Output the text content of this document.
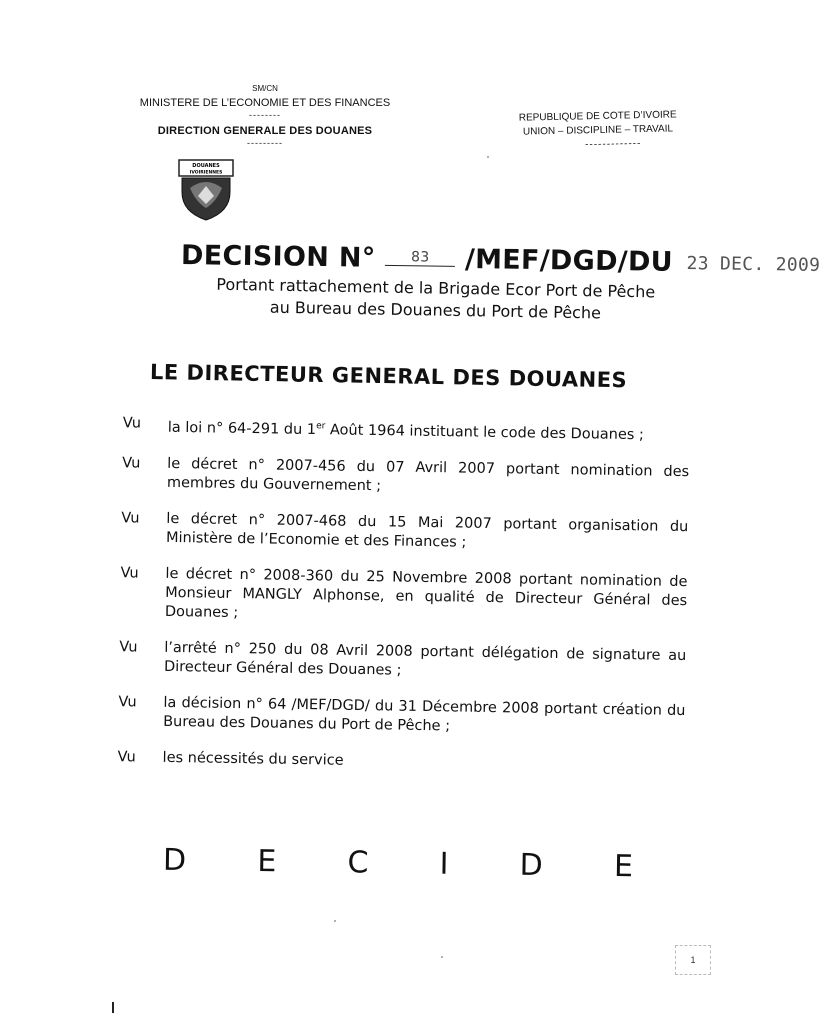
SM/CN
MINISTERE DE L’ECONOMIE ET DES FINANCES
--------
DIRECTION GENERALE DES DOUANES
---------
DOUANES
IVOIRIENNES
REPUBLIQUE DE COTE D’IVOIRE
UNION – DISCIPLINE – TRAVAIL
-------------
DECISION N°	83 /MEF/DGD/DU 23 DEC. 2009
Portant rattachement de la Brigade Ecor Port de Pêche
au Bureau des Douanes du Port de Pêche
LE DIRECTEUR GENERAL DES DOUANES
Vu la loi n° 64-291 du 1er Août 1964 instituant le code des Douanes ;
Vu le décret n° 2007-456 du 07 Avril 2007 portant nomination des membres du Gouvernement ;
Vu le décret n° 2007-468 du 15 Mai 2007 portant organisation du Ministère de l’Economie et des Finances ;
Vu le décret n° 2008-360 du 25 Novembre 2008 portant nomination de Monsieur MANGLY Alphonse, en qualité de Directeur Général des Douanes ;
Vu l’arrêté n° 250 du 08 Avril 2008 portant délégation de signature au Directeur Général des Douanes ;
Vu la décision n° 64 /MEF/DGD/ du 31 Décembre 2008 portant création du Bureau des Douanes du Port de Pêche ;
Vu les nécessités du service
D E C I D E
1
